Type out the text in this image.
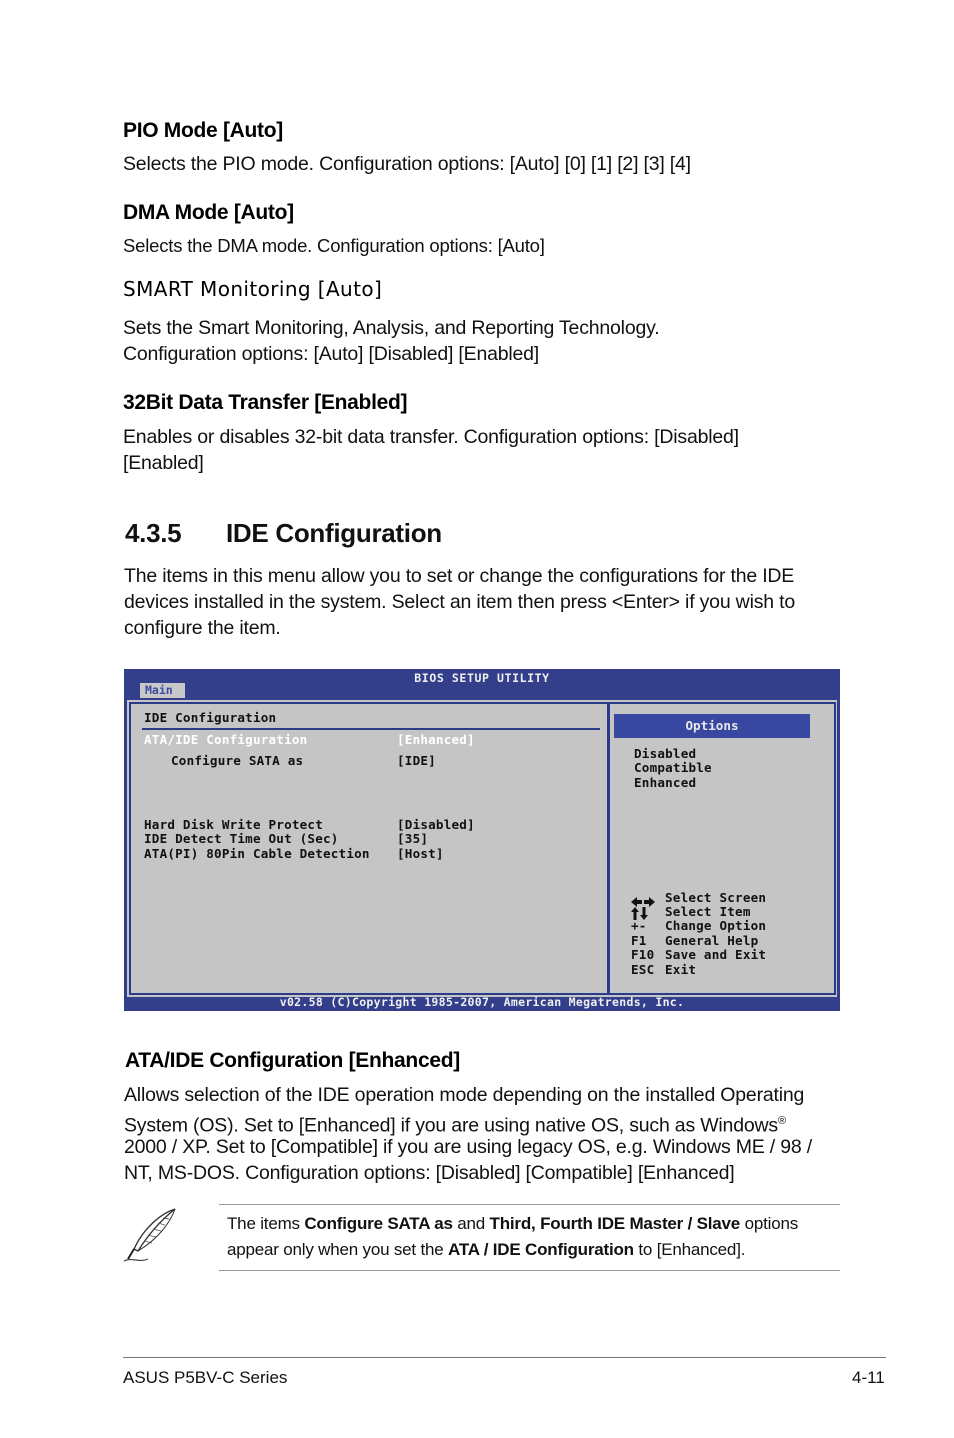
PIO Mode [Auto]

Selects the PIO mode. Configuration options: [Auto] [0] [1] [2] [3] [4]

DMA Mode [Auto]

Selects the DMA mode. Configuration options: [Auto]

SMART Monitoring [Auto]

Sets the Smart Monitoring, Analysis, and Reporting Technology.

Configuration options: [Auto] [Disabled] [Enabled]

32Bit Data Transfer [Enabled]

Enables or disables 32-bit data transfer. Configuration options: [Disabled]

[Enabled]

4.3.5 IDE Configuration

The items in this menu allow you to set or change the configurations for the IDE

devices installed in the system. Select an item then press <Enter> if you wish to

configure the item.

BIOS SETUP UTILITY
Main
IDE Configuration
ATA/IDE Configuration	[Enhanced]
Configure SATA as	[IDE]
Hard Disk Write Protect	[Disabled]
IDE Detect Time Out (Sec)	[35]
ATA(PI) 80Pin Cable Detection [Host]
Options
Disabled
Compatible
Enhanced
Select Screen
Select Item
+- Change Option
F1 General Help
F10 Save and Exit
ESC Exit
v02.58 (C)Copyright 1985-2007, American Megatrends, Inc.
ATA/IDE Configuration [Enhanced]

Allows selection of the IDE operation mode depending on the installed Operating

System (OS). Set to [Enhanced] if you are using native OS, such as Windows®

2000 / XP. Set to [Compatible] if you are using legacy OS, e.g. Windows ME / 98 /

NT, MS-DOS. Configuration options: [Disabled] [Compatible] [Enhanced]

The items Configure SATA as and Third, Fourth IDE Master / Slave options appear only when you set the ATA / IDE Configuration to [Enhanced].
ASUS P5BV-C Series	4-11
